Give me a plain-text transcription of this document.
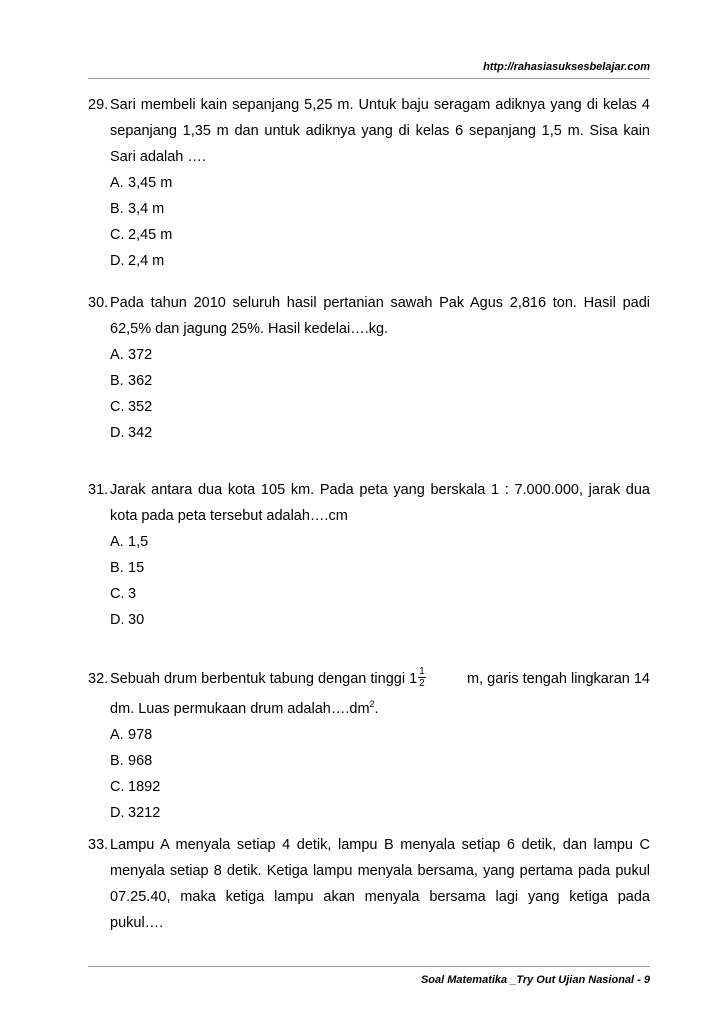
http://rahasiasuksesbelajar.com
29. Sari membeli kain sepanjang 5,25 m. Untuk baju seragam adiknya yang di kelas 4
sepanjang 1,35 m dan untuk adiknya yang di kelas 6 sepanjang 1,5 m. Sisa kain
Sari adalah ….
A. 3,45 m
B. 3,4 m
C. 2,45 m
D. 2,4 m
30. Pada tahun 2010 seluruh hasil pertanian sawah Pak Agus 2,816 ton. Hasil padi
62,5% dan jagung 25%. Hasil kedelai….kg.
A. 372
B. 362
C. 352
D. 342
31. Jarak antara dua kota 105 km. Pada peta yang berskala 1 : 7.000.000, jarak dua
kota pada peta tersebut adalah….cm
A. 1,5
B. 15
C. 3
D. 30
32. Sebuah drum berbentuk tabung dengan tinggi $1 \frac{1}{2}$	m, garis tengah lingkaran 14
dm. Luas permukaan drum $adalah\dots.dm^2$.
A. 978
B. 968
C. 1892
D. 3212
33. Lampu A menyala setiap 4 detik, lampu B menyala setiap 6 detik, dan lampu C
menyala setiap 8 detik. Ketiga lampu menyala bersama, yang pertama pada pukul
07.25.40, maka ketiga lampu akan menyala bersama lagi yang ketiga pada
pukul….
Soal Matematika _Try Out Ujian Nasional - 9
